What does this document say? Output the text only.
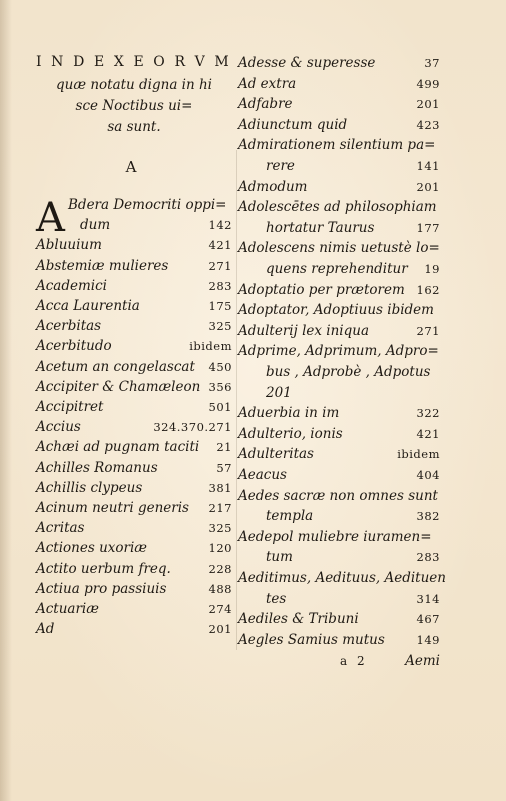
I N D E X E O R V M
quæ notatu digna in hi
sce Noctibus ui=
sa sunt.
A
A Bdera Democriti oppi=
dum	142
Abluuium	421
Abstemiæ mulieres	271
Academici	283
Acca Laurentia	175
Acerbitas	325
Acerbitudo	ibidem
Acetum an congelascat 450
Accipiter & Chamæleon 356
Accipitret	501
Accius	324.370.271
Achæi ad pugnam taciti 21
Achilles Romanus	57
Achillis clypeus	381
Acinum neutri generis 217
Acritas	325
Actiones uxoriæ	120
Actito uerbum freq.	228
Actiua pro passiuis	488
Actuariæ	274
Ad	201
Adesse & superesse	37
Ad extra	499
Adfabre	201
Adiunctum quid	423
Admirationem silentium pa=
rere	141
Admodum	201
Adolescētes ad philosophiam
hortatur Taurus	177
Adolescens nimis uetustè lo=
quens reprehenditur 19
Adoptatio per prætorem 162
Adoptator, Adoptiuus ibidem
Adulterij lex iniqua	271
Adprime, Adprimum, Adpro=
bus , Adprobè , Adpotus
201
Aduerbia in im	322
Adulterio, ionis	421
Adulteritas	ibidem
Aeacus	404
Aedes sacræ non omnes sunt
templa	382
Aedepol muliebre iuramen=
tum	283
Aeditimus, Aedituus, Aedituen
tes	314
Aediles & Tribuni	467
Aegles Samius mutus	149
a 2	Aemi
